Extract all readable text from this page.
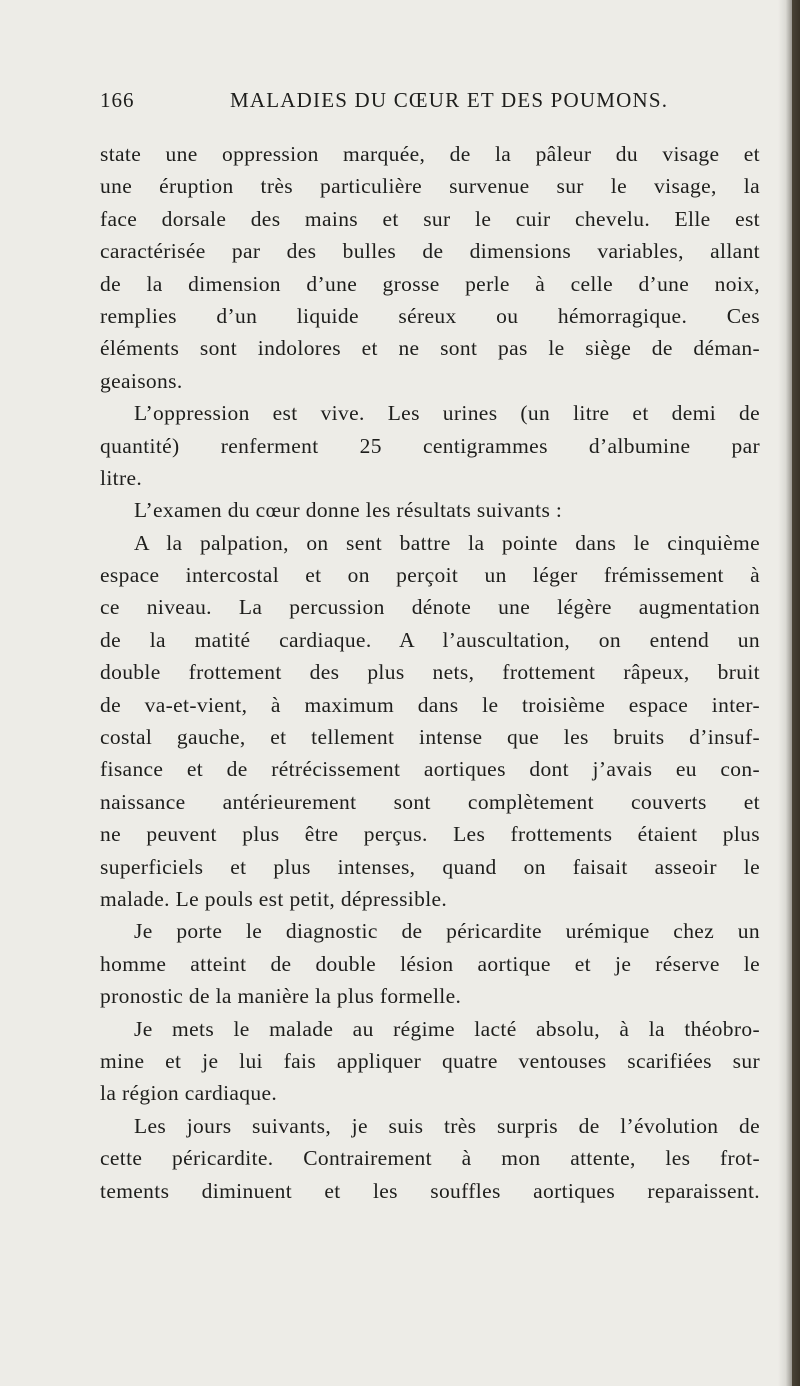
166	MALADIES DU CŒUR ET DES POUMONS.
state une oppression marquée, de la pâleur du visage et
une éruption très particulière survenue sur le visage, la
face dorsale des mains et sur le cuir chevelu. Elle est
caractérisée par des bulles de dimensions variables, allant
de la dimension d’une grosse perle à celle d’une noix,
remplies d’un liquide séreux ou hémorragique. Ces
éléments sont indolores et ne sont pas le siège de déman-
geaisons.
L’oppression est vive. Les urines (un litre et demi de
quantité) renferment 25 centigrammes d’albumine par
litre.
L’examen du cœur donne les résultats suivants :
A la palpation, on sent battre la pointe dans le cinquième
espace intercostal et on perçoit un léger frémissement à
ce niveau. La percussion dénote une légère augmentation
de la matité cardiaque. A l’auscultation, on entend un
double frottement des plus nets, frottement râpeux, bruit
de va-et-vient, à maximum dans le troisième espace inter-
costal gauche, et tellement intense que les bruits d’insuf-
fisance et de rétrécissement aortiques dont j’avais eu con-
naissance antérieurement sont complètement couverts et
ne peuvent plus être perçus. Les frottements étaient plus
superficiels et plus intenses, quand on faisait asseoir le
malade. Le pouls est petit, dépressible.
Je porte le diagnostic de péricardite urémique chez un
homme atteint de double lésion aortique et je réserve le
pronostic de la manière la plus formelle.
Je mets le malade au régime lacté absolu, à la théobro-
mine et je lui fais appliquer quatre ventouses scarifiées sur
la région cardiaque.
Les jours suivants, je suis très surpris de l’évolution de
cette péricardite. Contrairement à mon attente, les frot-
tements diminuent et les souffles aortiques reparaissent.
